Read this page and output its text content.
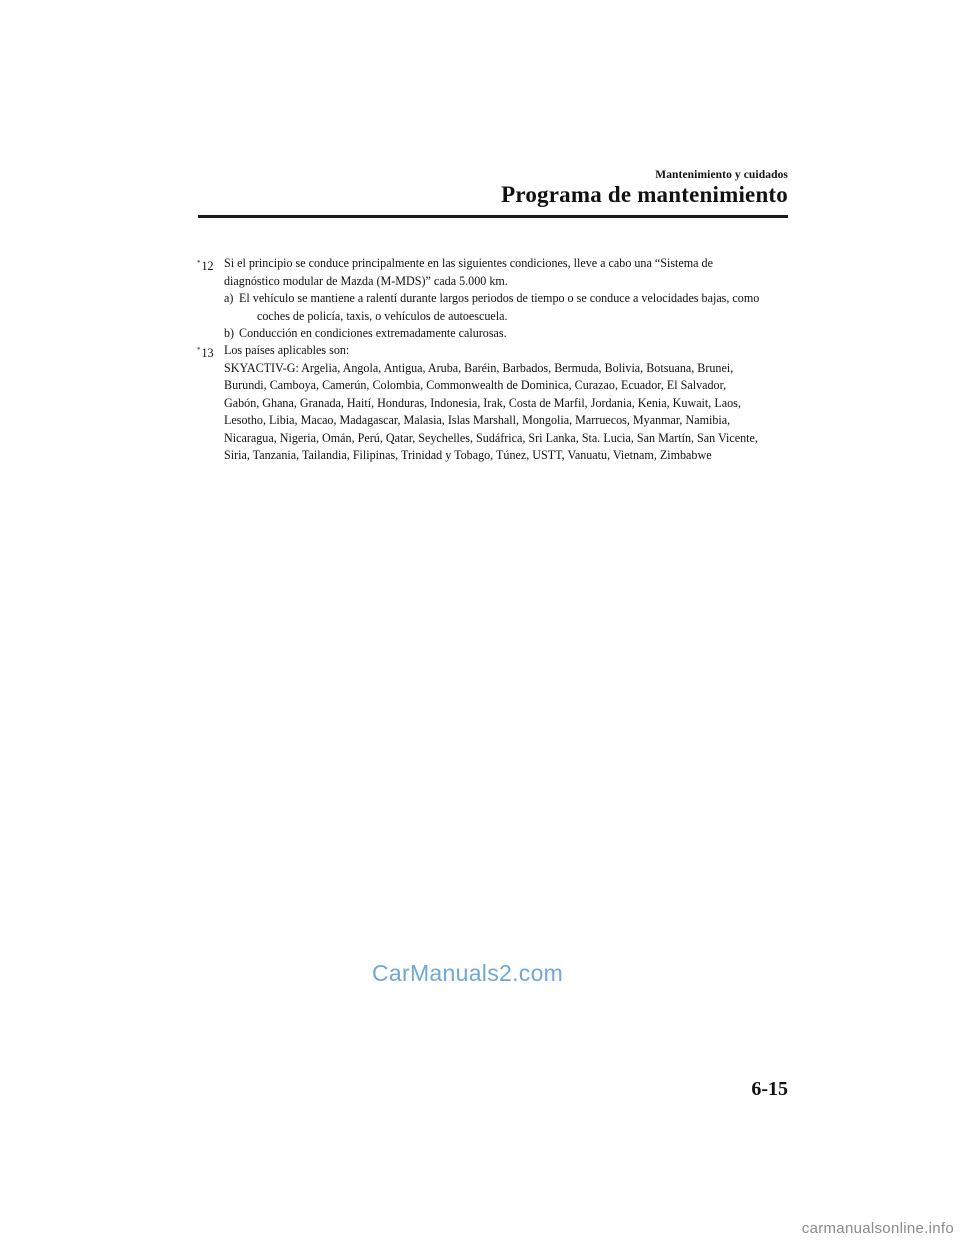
Mantenimiento y cuidados
Programa de mantenimiento
*12 Si el principio se conduce principalmente en las siguientes condiciones, lleve a cabo una “Sistema de
diagnóstico modular de Mazda (M-MDS)” cada 5.000 km.
a) El vehículo se mantiene a ralentí durante largos periodos de tiempo o se conduce a velocidades bajas, como
coches de policía, taxis, o vehículos de autoescuela.
b) Conducción en condiciones extremadamente calurosas.
*13 Los países aplicables son:
SKYACTIV-G: Argelia, Angola, Antigua, Aruba, Baréin, Barbados, Bermuda, Bolivia, Botsuana, Brunei,
Burundi, Camboya, Camerún, Colombia, Commonwealth de Dominica, Curazao, Ecuador, El Salvador,
Gabón, Ghana, Granada, Haití, Honduras, Indonesia, Irak, Costa de Marfil, Jordania, Kenia, Kuwait, Laos,
Lesotho, Libia, Macao, Madagascar, Malasia, Islas Marshall, Mongolia, Marruecos, Myanmar, Namibia,
Nicaragua, Nigeria, Omán, Perú, Qatar, Seychelles, Sudáfrica, Sri Lanka, Sta. Lucia, San Martín, San Vicente,
Siria, Tanzania, Tailandia, Filipinas, Trinidad y Tobago, Túnez, USTT, Vanuatu, Vietnam, Zimbabwe
CarManuals2.com
6-15
carmanualsonline.info
